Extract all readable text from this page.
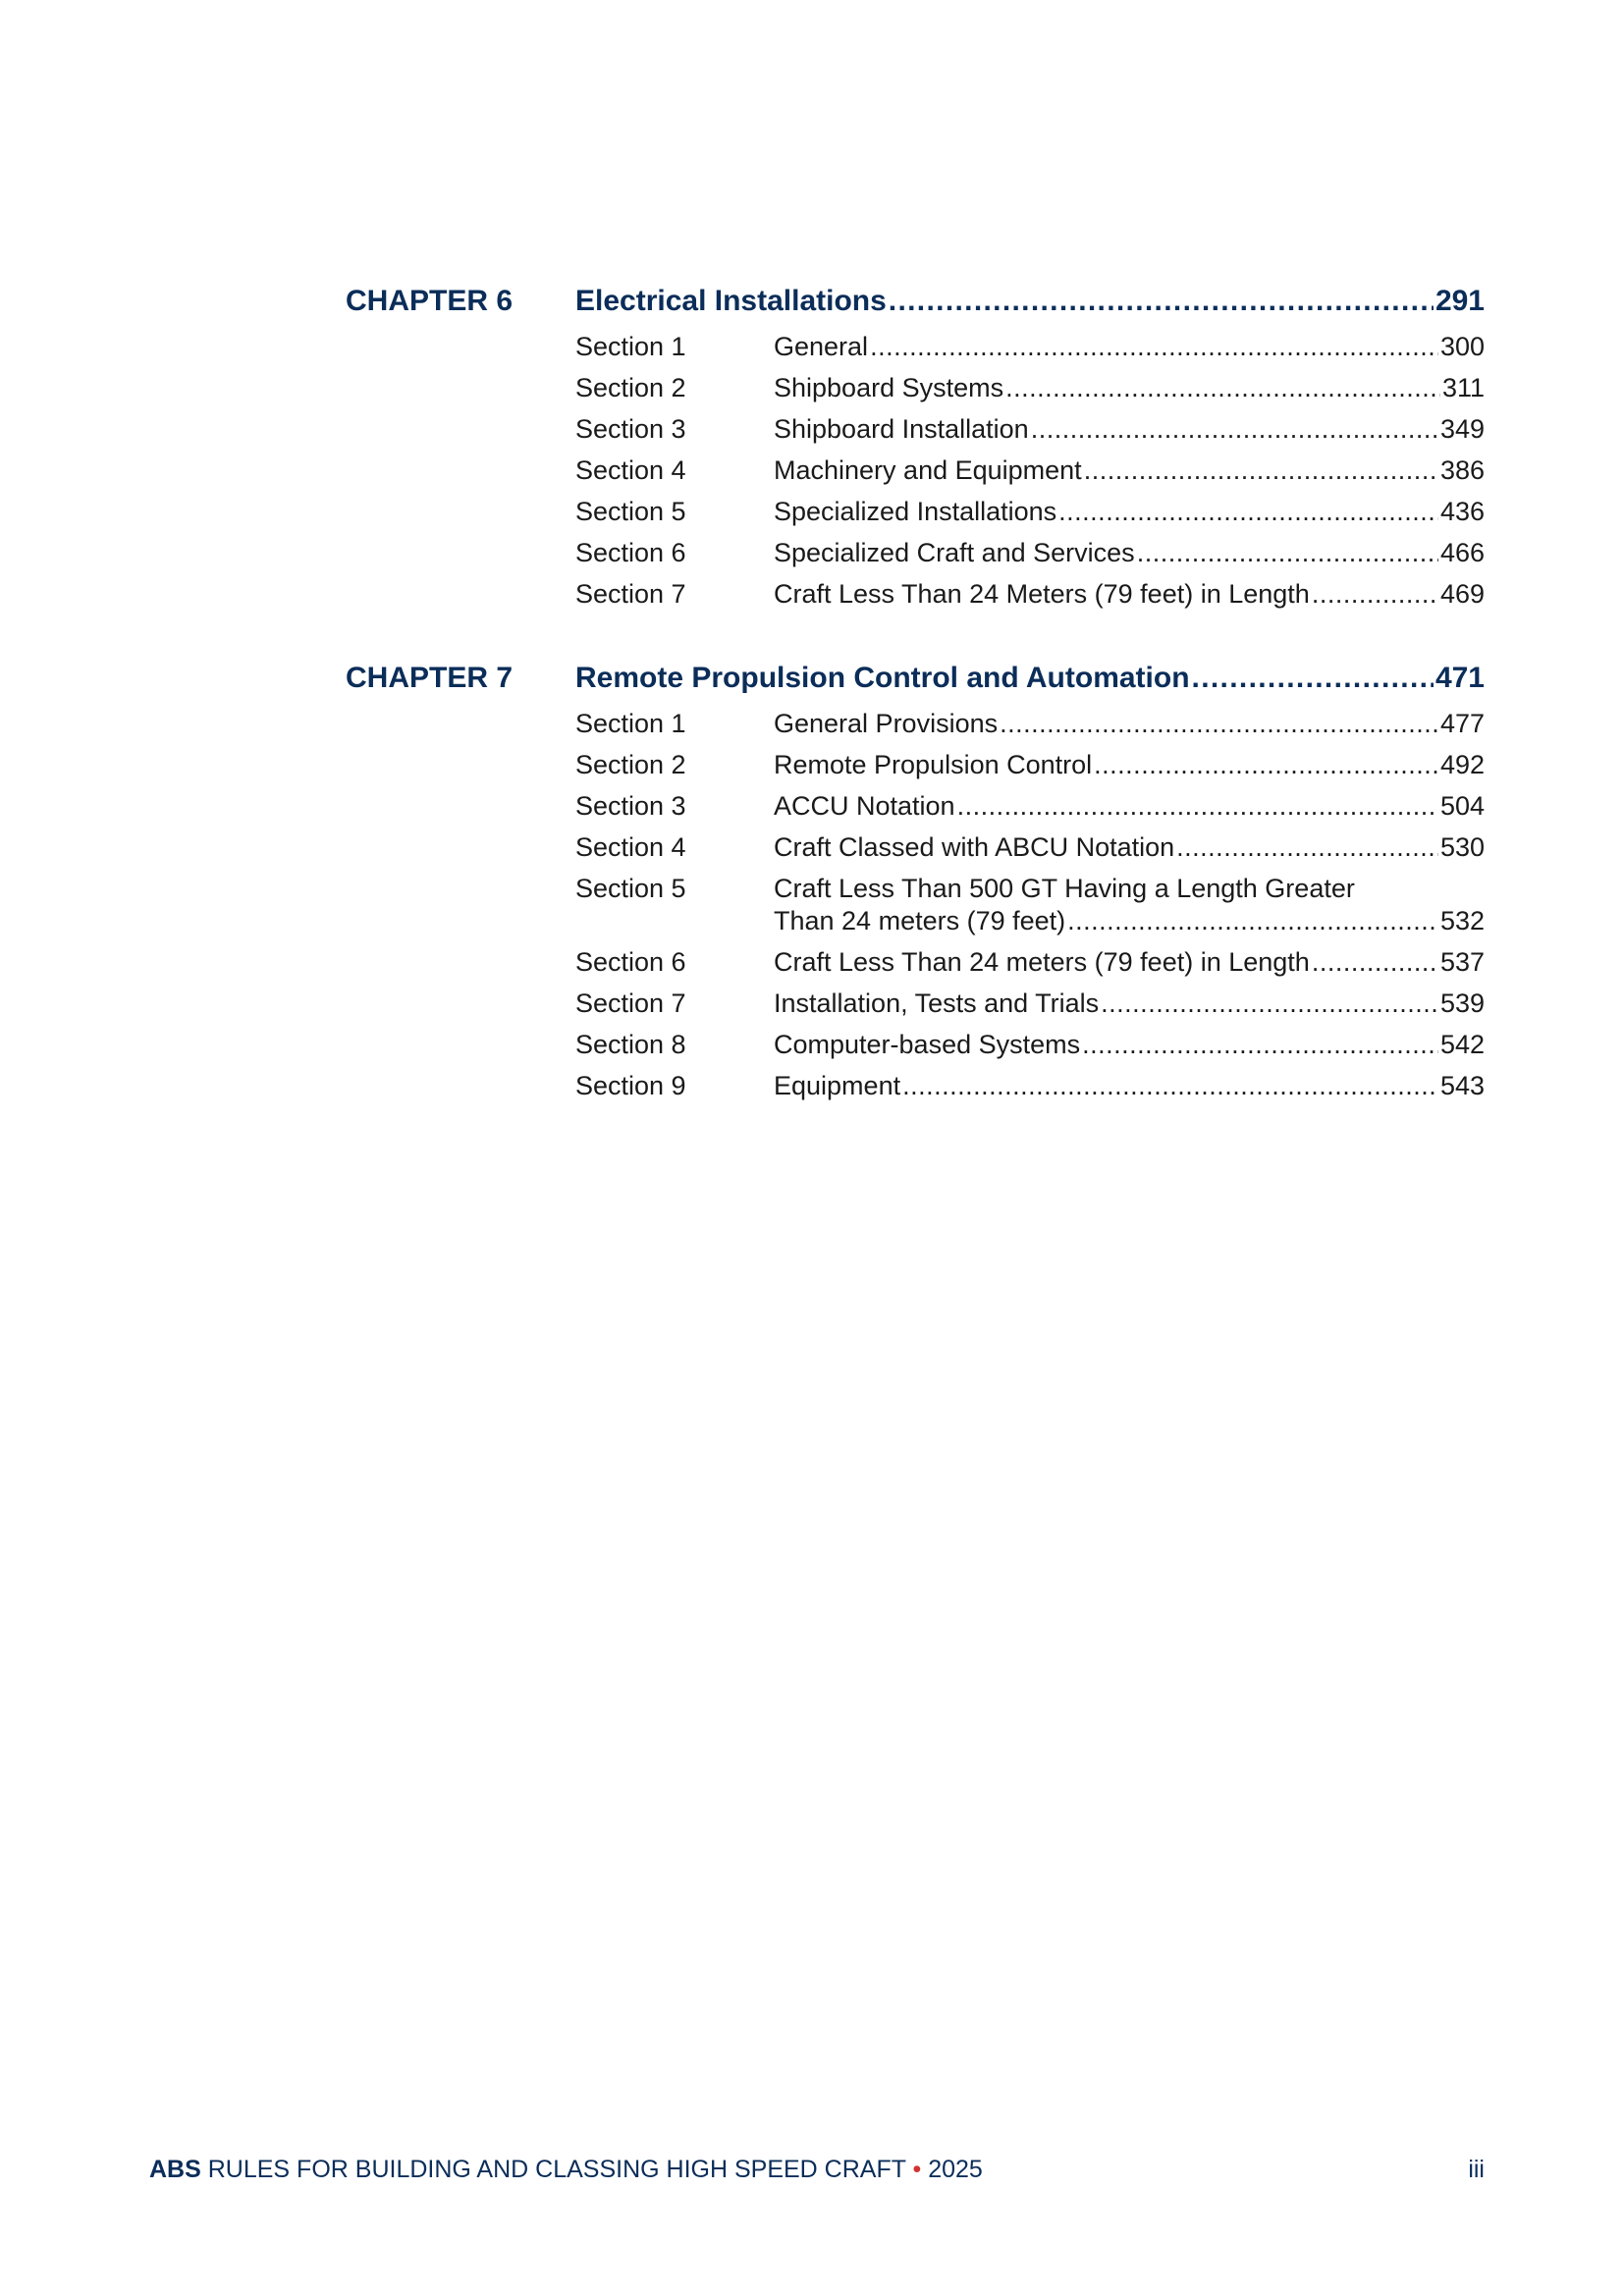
CHAPTER 6	Electrical Installations . . .	291
Section 1	General . . .	300
Section 2	Shipboard Systems . . .	311
Section 3	Shipboard Installation . . .	349
Section 4	Machinery and Equipment . . .	386
Section 5	Specialized Installations . . .	436
Section 6	Specialized Craft and Services . . .	466
Section 7	Craft Less Than 24 Meters (79 feet) in Length . . .	469
CHAPTER 7	Remote Propulsion Control and Automation . . .	471
Section 1	General Provisions . . .	477
Section 2	Remote Propulsion Control . . .	492
Section 3	ACCU Notation . . .	504
Section 4	Craft Classed with ABCU Notation . . .	530
Section 5	Craft Less Than 500 GT Having a Length Greater
Than 24 meters (79 feet) . . .	532
Section 6	Craft Less Than 24 meters (79 feet) in Length . . .	537
Section 7	Installation, Tests and Trials . . .	539
Section 8	Computer-based Systems . . .	542
Section 9	Equipment . . .	543
ABS RULES FOR BUILDING AND CLASSING HIGH SPEED CRAFT • 2025	iii
